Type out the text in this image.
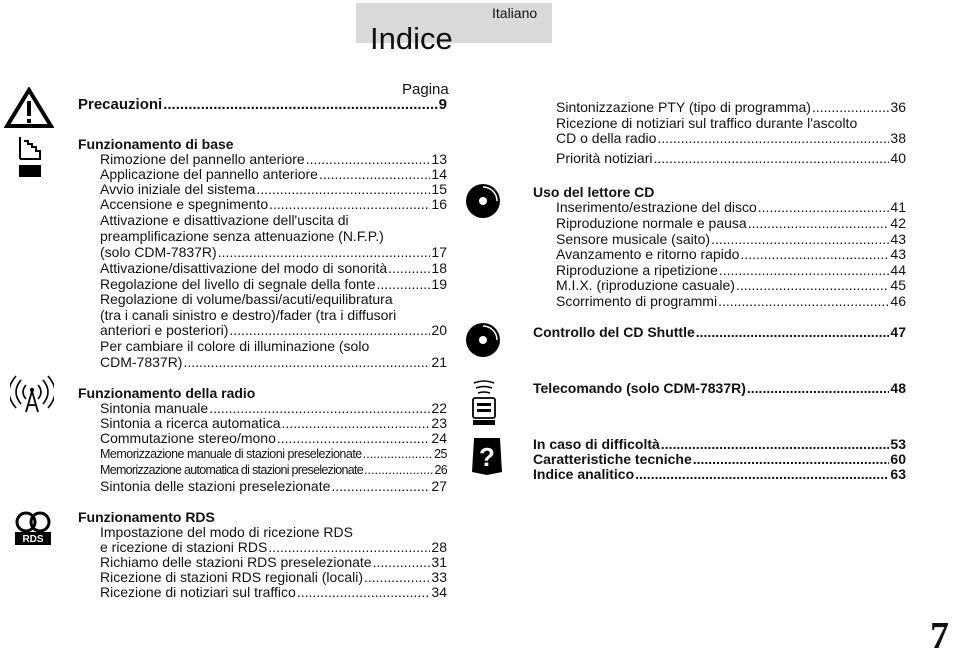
Indice
Italiano
Pagina
RDS
?
Precauzioni .....	9
Funzionamento di base
Rimozione del pannello anteriore .....	13
Applicazione del pannello anteriore .....	14
Avvio iniziale del sistema .....	15
Accensione e spegnimento .....	16
Attivazione e disattivazione dell'uscita di
preamplificazione senza attenuazione (N.F.P.)
(solo CDM-7837R) .....	17
Attivazione/disattivazione del modo di sonorità .....	18
Regolazione del livello di segnale della fonte .....	19
Regolazione di volume/bassi/acuti/equilibratura
(tra i canali sinistro e destro)/fader (tra i diffusori
anteriori e posteriori) .....	20
Per cambiare il colore di illuminazione (solo
CDM-7837R) .....	21
Funzionamento della radio
Sintonia manuale .....	22
Sintonia a ricerca automatica .....	23
Commutazione stereo/mono .....	24
Memorizzazione manuale di stazioni preselezionate .....	25
Memorizzazione automatica di stazioni preselezionate .....	26
Sintonia delle stazioni preselezionate .....	27
Funzionamento RDS
Impostazione del modo di ricezione RDS
e ricezione di stazioni RDS .....	28
Richiamo delle stazioni RDS preselezionate .....	31
Ricezione di stazioni RDS regionali (locali) .....	33
Ricezione di notiziari sul traffico .....	34
Sintonizzazione PTY (tipo di programma) .....	36
Ricezione di notiziari sul traffico durante l'ascolto
CD o della radio .....	38
Priorità notiziari .....	40
Uso del lettore CD
Inserimento/estrazione del disco .....	41
Riproduzione normale e pausa .....	42
Sensore musicale (saito) .....	43
Avanzamento e ritorno rapido .....	43
Riproduzione a ripetizione .....	44
M.I.X. (riproduzione casuale) .....	45
Scorrimento di programmi .....	46
Controllo del CD Shuttle .....	47
Telecomando (solo CDM-7837R) .....	48
In caso di difficoltà .....	53
Caratteristiche tecniche .....	60
Indice analitico .....	63
7
